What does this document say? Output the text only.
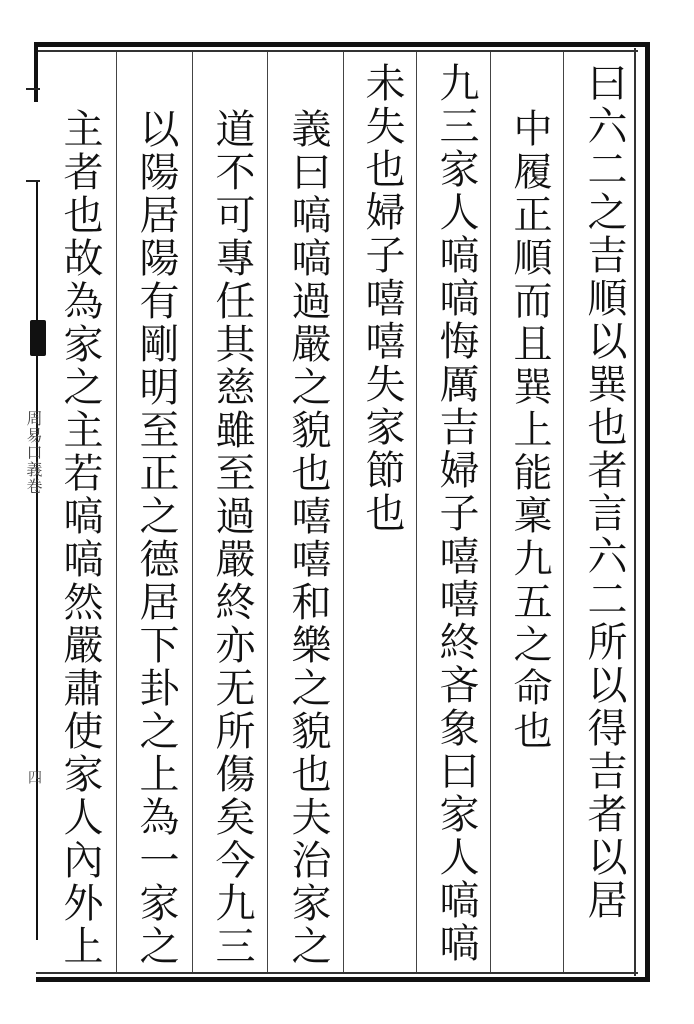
曰六二之吉順以巽也者言六二所以得吉者以居
中履正順而且巽上能稟九五之命也
九三家人嗃嗃悔厲吉婦子嘻嘻終吝象曰家人嗃嗃
未失也婦子嘻嘻失家節也
義曰嗃嗃過嚴之貌也嘻嘻和樂之貌也夫治家之
道不可專任其慈雖至過嚴終亦无所傷矣今九三
以陽居陽有剛明至正之德居下卦之上為一家之
主者也故為家之主若嗃嗃然嚴肅使家人內外上
周易口義卷
四
